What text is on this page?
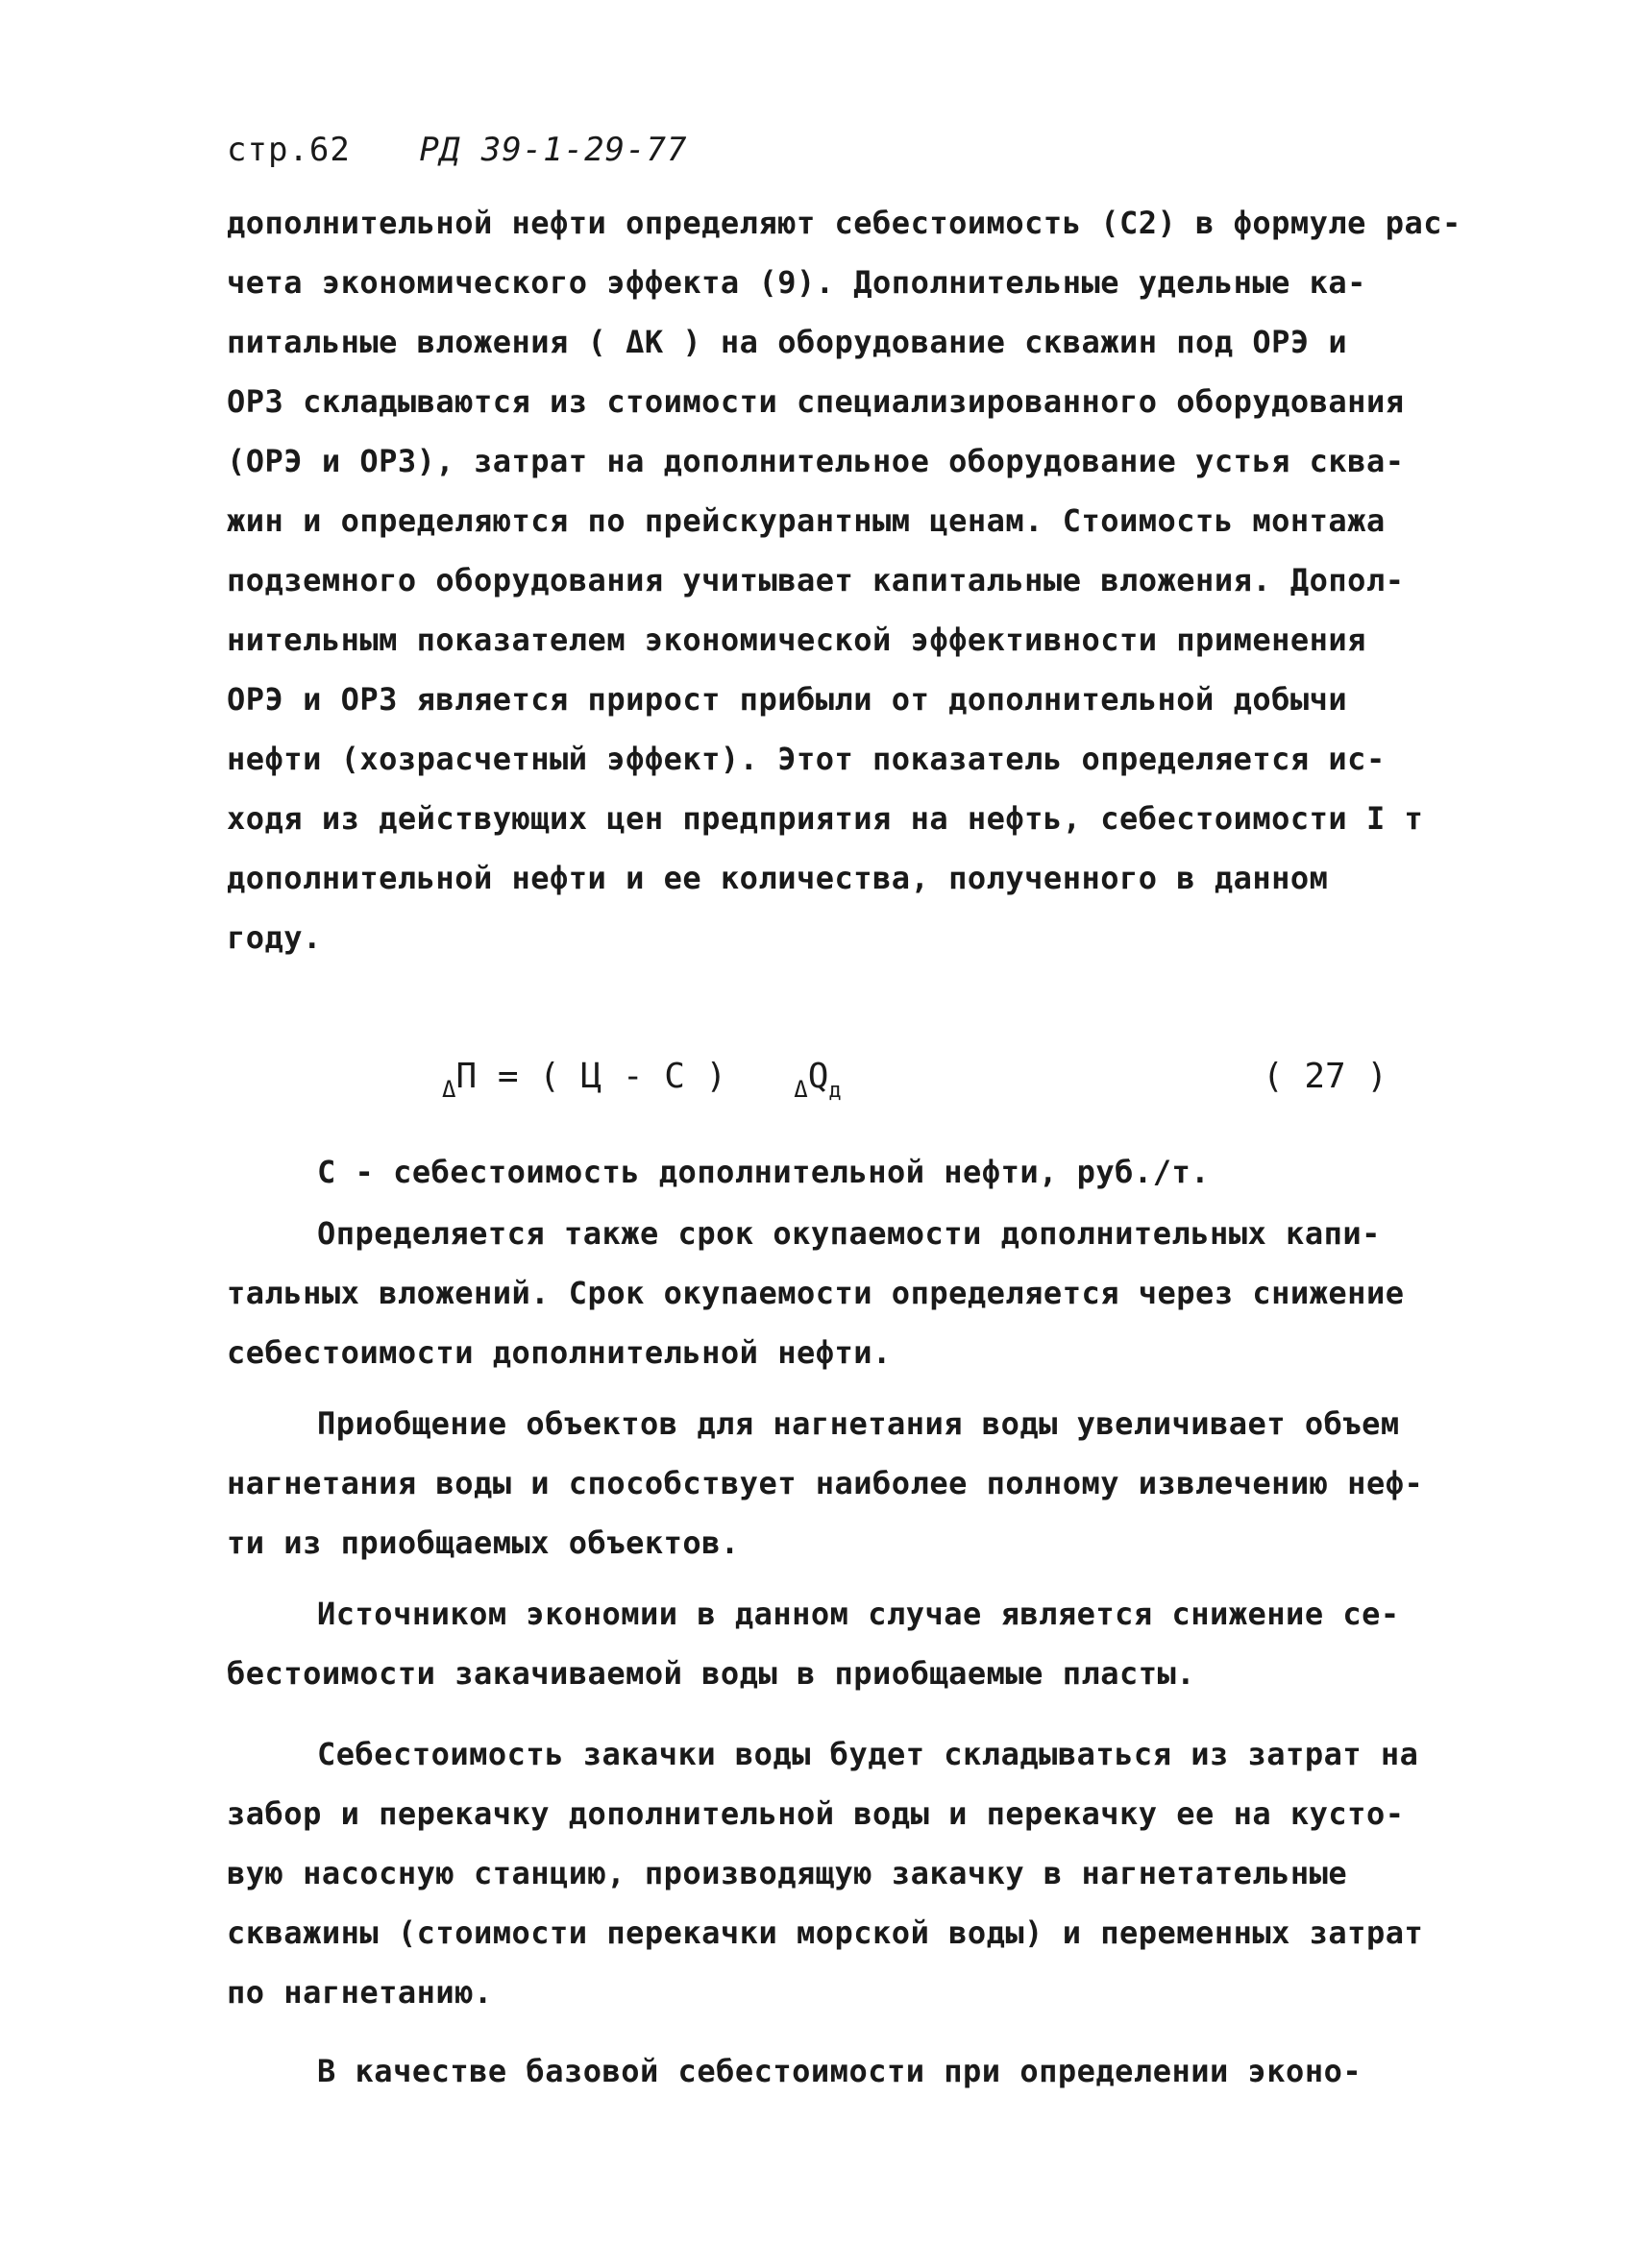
стр.62 РД 39-1-29-77
дополнительной нефти определяют себестоимость (C2) в формуле рас-
чета экономического эффекта (9). Дополнительные удельные ка-
питальные вложения ( ΔK ) на оборудование скважин под ОРЭ и
ОРЗ складываются из стоимости специализированного оборудования
(ОРЭ и ОРЗ), затрат на дополнительное оборудование устья сква-
жин и определяются по прейскурантным ценам. Стоимость монтажа
подземного оборудования учитывает капитальные вложения. Допол-
нительным показателем экономической эффективности применения
ОРЭ и ОРЗ является прирост прибыли от дополнительной добычи
нефти (хозрасчетный эффект). Этот показатель определяется ис-
ходя из действующих цен предприятия на нефть, себестоимости I т
дополнительной нефти и ее количества, полученного в данном
году.
$_\Delta$П = ( Ц - С )	$_\Delta Q_д$	( 27 )
С - себестоимость дополнительной нефти, руб./т.
Определяется также срок окупаемости дополнительных капи-
тальных вложений. Срок окупаемости определяется через снижение
себестоимости дополнительной нефти.
Приобщение объектов для нагнетания воды увеличивает объем
нагнетания воды и способствует наиболее полному извлечению неф-
ти из приобщаемых объектов.
Источником экономии в данном случае является снижение се-
бестоимости закачиваемой воды в приобщаемые пласты.
Себестоимость закачки воды будет складываться из затрат на
забор и перекачку дополнительной воды и перекачку ее на кусто-
вую насосную станцию, производящую закачку в нагнетательные
скважины (стоимости перекачки морской воды) и переменных затрат
по нагнетанию.
В качестве базовой себестоимости при определении эконо-
